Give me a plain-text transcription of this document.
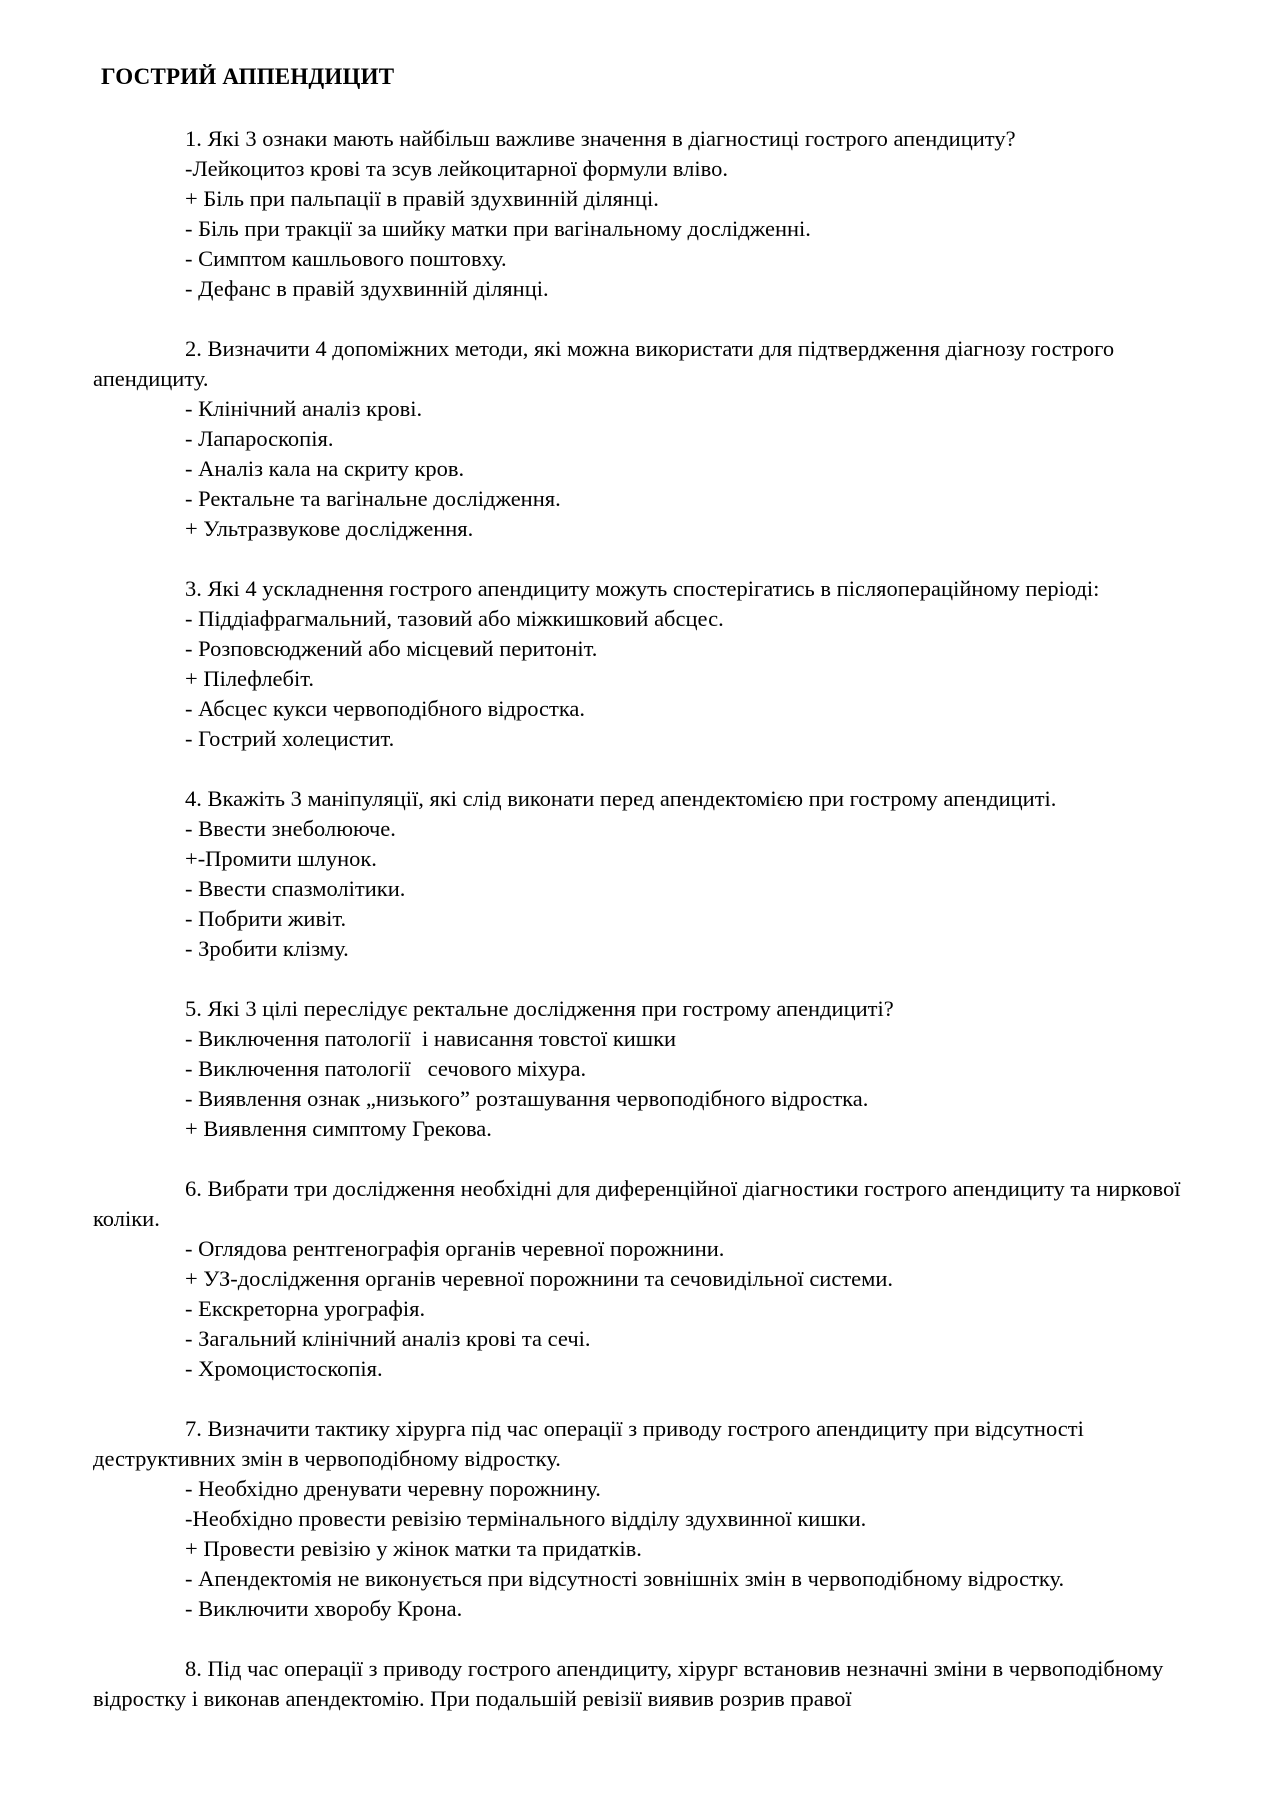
ГОСТРИЙ АППЕНДИЦИТ

1. Які 3 ознаки мають найбільш важливе значення в діагностиці гострого апендициту?

-Лейкоцитоз крові та зсув лейкоцитарної формули вліво.
+ Біль при пальпації в правій здухвинній ділянці.
- Біль при тракції за шийку матки при вагінальному дослідженні.
- Симптом кашльового поштовху.
- Дефанс в правій здухвинній ділянці.

2. Визначити 4 допоміжних методи, які можна використати для підтвердження діагнозу гострого апендициту.

- Клінічний аналіз крові.
- Лапароскопія.
- Аналіз кала на скриту кров.
- Ректальне та вагінальне дослідження.
+ Ультразвукове дослідження.

3. Які 4 ускладнення гострого апендициту можуть спостерігатись в післяопераційному періоді:

- Піддіафрагмальний, тазовий або міжкишковий абсцес.
- Розповсюджений або місцевий перитоніт.
+ Пілефлебіт.
- Абсцес кукси червоподібного відростка.
- Гострий холецистит.

4. Вкажіть 3 маніпуляції, які слід виконати перед апендектомією при гострому апендициті.

- Ввести знеболююче.
+-Промити шлунок.
- Ввести спазмолітики.
- Побрити живіт.
- Зробити клізму.

5. Які 3 цілі переслідує ректальне дослідження при гострому апендициті?

- Виключення патології  і нависання товстої кишки
- Виключення патології   сечового міхура.
- Виявлення ознак „низького” розташування червоподібного відростка.
+ Виявлення симптому Грекова.

6. Вибрати три дослідження необхідні для диференційної діагностики гострого апендициту та ниркової коліки.

- Оглядова рентгенографія органів черевної порожнини.
+ УЗ-дослідження органів черевної порожнини та сечовидільної системи.
- Екскреторна урографія.
- Загальний клінічний аналіз крові та сечі.
- Хромоцистоскопія.

7. Визначити тактику хірурга під час операції з приводу гострого апендициту при відсутності деструктивних змін в червоподібному відростку.

- Необхідно дренувати черевну порожнину.
-Необхідно провести ревізію термінального відділу здухвинної кишки.
+ Провести ревізію у жінок матки та придатків.
- Апендектомія не виконується при відсутності зовнішніх змін в червоподібному відростку.
- Виключити хворобу Крона.

8. Під час операції з приводу гострого апендициту, хірург встановив незначні зміни в червоподібному відростку і виконав апендектомію. При подальшій ревізії виявив розрив правої
